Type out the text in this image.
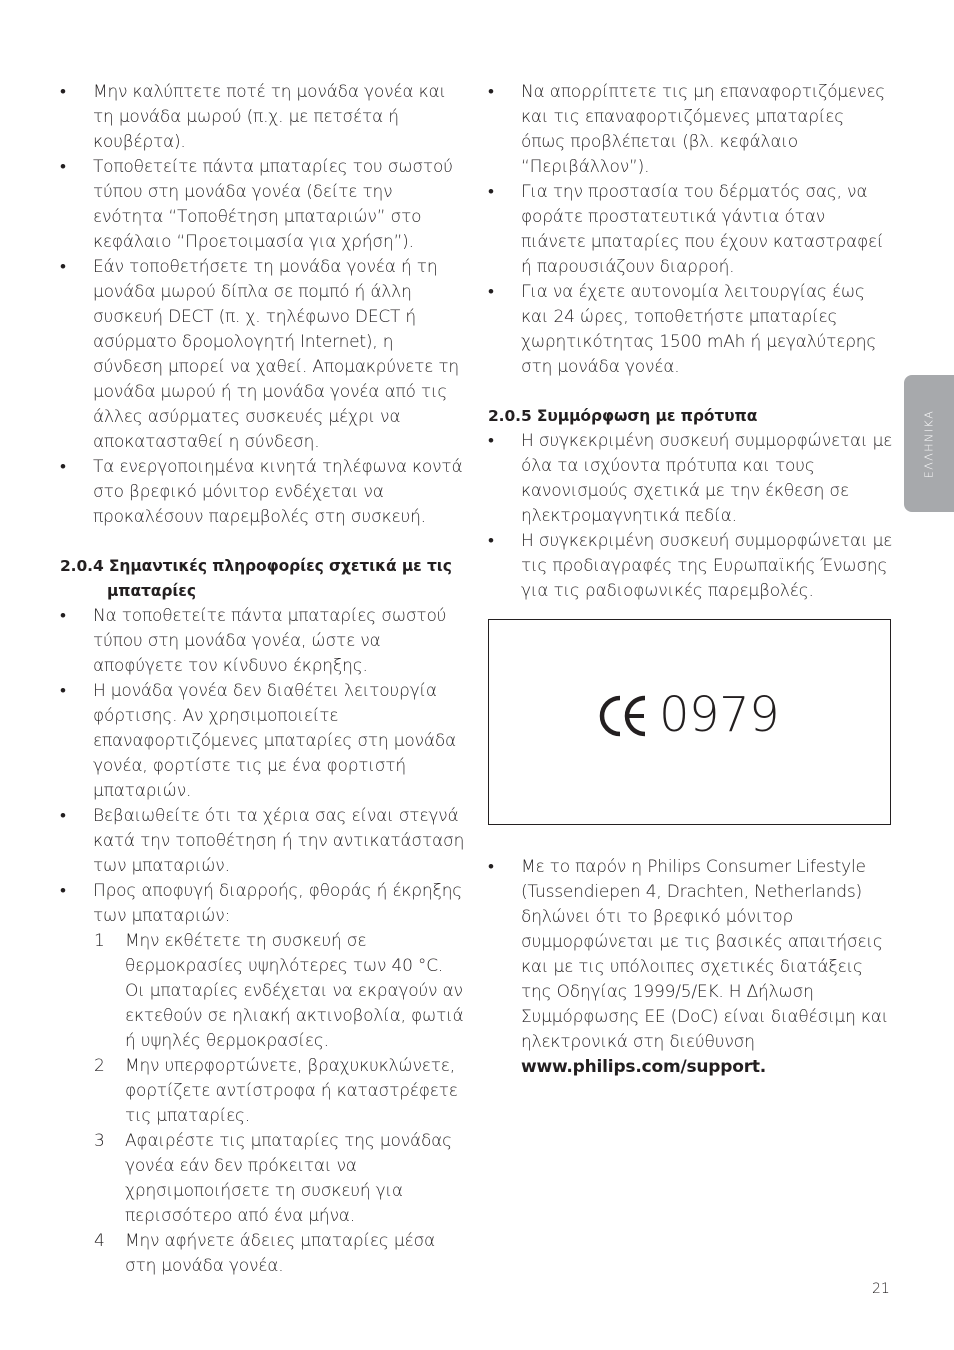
•	Μην καλύπτετε ποτέ τη μονάδα γονέα και τη μονάδα μωρού (π.χ. με πετσέτα ή κουβέρτα).
•	Τοποθετείτε πάντα μπαταρίες του σωστού τύπου στη μονάδα γονέα (δείτε την ενότητα “Τοποθέτηση μπαταριών” στο κεφάλαιο “Προετοιμασία για χρήση”).
•	Εάν τοποθετήσετε τη μονάδα γονέα ή τη μονάδα μωρού δίπλα σε πομπό ή άλλη συσκευή DECT (π. χ. τηλέφωνο DECT ή ασύρματο δρομολογητή Internet), η σύνδεση μπορεί να χαθεί. Απομακρύνετε τη μονάδα μωρού ή τη μονάδα γονέα από τις άλλες ασύρματες συσκευές μέχρι να αποκατασταθεί η σύνδεση.
•	Τα ενεργοποιημένα κινητά τηλέφωνα κοντά στο βρεφικό μόνιτορ ενδέχεται να προκαλέσουν παρεμβολές στη συσκευή.
2.0.4 Σημαντικές πληροφορίες σχετικά με τις μπαταρίες
•	Να τοποθετείτε πάντα μπαταρίες σωστού τύπου στη μονάδα γονέα, ώστε να αποφύγετε τον κίνδυνο έκρηξης.
•	Η μονάδα γονέα δεν διαθέτει λειτουργία φόρτισης. Αν χρησιμοποιείτε επαναφορτιζόμενες μπαταρίες στη μονάδα γονέα, φορτίστε τις με ένα φορτιστή μπαταριών.
•	Βεβαιωθείτε ότι τα χέρια σας είναι στεγνά κατά την τοποθέτηση ή την αντικατάσταση των μπαταριών.
•	Προς αποφυγή διαρροής, φθοράς ή έκρηξης των μπαταριών:
1 Μην εκθέτετε τη συσκευή σε θερμοκρασίες υψηλότερες των 40 °C. Οι μπαταρίες ενδέχεται να εκραγούν αν εκτεθούν σε ηλιακή ακτινοβολία, φωτιά ή υψηλές θερμοκρασίες.
2 Μην υπερφορτώνετε, βραχυκυκλώνετε, φορτίζετε αντίστροφα ή καταστρέφετε τις μπαταρίες.
3 Αφαιρέστε τις μπαταρίες της μονάδας γονέα εάν δεν πρόκειται να χρησιμοποιήσετε τη συσκευή για περισσότερο από ένα μήνα.
4 Μην αφήνετε άδειες μπαταρίες μέσα στη μονάδα γονέα.
•	Να απορρίπτετε τις μη επαναφορτιζόμενες και τις επαναφορτιζόμενες μπαταρίες όπως προβλέπεται (βλ. κεφάλαιο “Περιβάλλον”).
•	Για την προστασία του δέρματός σας, να φοράτε προστατευτικά γάντια όταν πιάνετε μπαταρίες που έχουν καταστραφεί ή παρουσιάζουν διαρροή.
•	Για να έχετε αυτονομία λειτουργίας έως και 24 ώρες, τοποθετήστε μπαταρίες χωρητικότητας 1500 mAh ή μεγαλύτερης στη μονάδα γονέα.
2.0.5 Συμμόρφωση με πρότυπα
•	Η συγκεκριμένη συσκευή συμμορφώνεται με όλα τα ισχύοντα πρότυπα και τους κανονισμούς σχετικά με την έκθεση σε ηλεκτρομαγνητικά πεδία.
•	Η συγκεκριμένη συσκευή συμμορφώνεται με τις προδιαγραφές της Ευρωπαϊκής Ένωσης για τις ραδιοφωνικές παρεμβολές.
0979
•	Με το παρόν η Philips Consumer Lifestyle (Tussendiepen 4, Drachten, Netherlands) δηλώνει ότι το βρεφικό μόνιτορ συμμορφώνεται με τις βασικές απαιτήσεις και με τις υπόλοιπες σχετικές διατάξεις της Οδηγίας 1999/5/ΕΚ. Η Δήλωση Συμμόρφωσης ΕΕ (DoC) είναι διαθέσιμη και ηλεκτρονικά στη διεύθυνση www.philips.com/support.
ΕΛΛΗΝΙΚΑ
21
